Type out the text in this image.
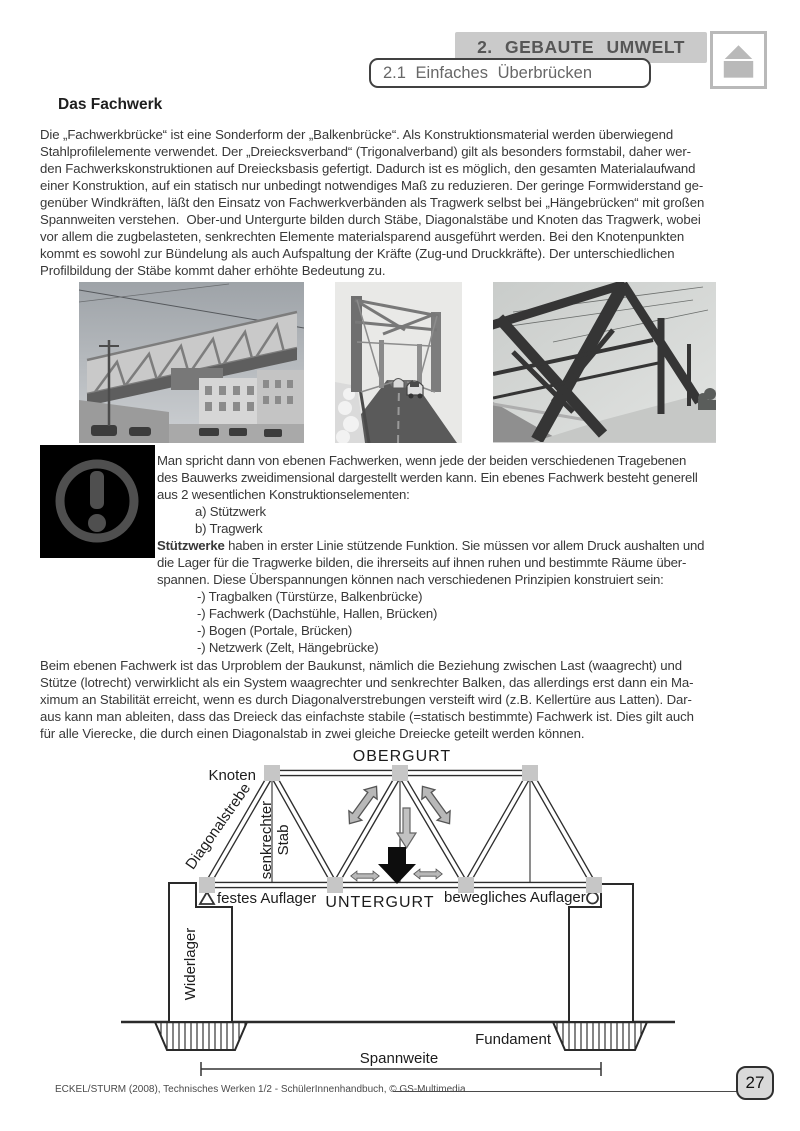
2. GEBAUTE UMWELT
2.1 Einfaches Überbrücken
Das Fachwerk
Die „Fachwerkbrücke“ ist eine Sonderform der „Balkenbrücke“. Als Konstruktionsmaterial werden überwiegend
Stahlprofilelemente verwendet. Der „Dreiecksverband“ (Trigonalverband) gilt als besonders formstabil, daher wer-
den Fachwerkskonstruktionen auf Dreiecksbasis gefertigt. Dadurch ist es möglich, den gesamten Materialaufwand
einer Konstruktion, auf ein statisch nur unbedingt notwendiges Maß zu reduzieren. Der geringe Formwiderstand ge-
genüber Windkräften, läßt den Einsatz von Fachwerkverbänden als Tragwerk selbst bei „Hängebrücken“ mit großen
Spannweiten verstehen.  Ober-und Untergurte bilden durch Stäbe, Diagonalstäbe und Knoten das Tragwerk, wobei
vor allem die zugbelasteten, senkrechten Elemente materialsparend ausgeführt werden. Bei den Knotenpunkten
kommt es sowohl zur Bündelung als auch Aufspaltung der Kräfte (Zug-und Druckkräfte). Der unterschiedlichen
Profilbildung der Stäbe kommt daher erhöhte Bedeutung zu.
Man spricht dann von ebenen Fachwerken, wenn jede der beiden verschiedenen Tragebenen
des Bauwerks zweidimensional dargestellt werden kann. Ein ebenes Fachwerk besteht generell
aus 2 wesentlichen Konstruktionselementen:
a) Stützwerk
b) Tragwerk
Stützwerke haben in erster Linie stützende Funktion. Sie müssen vor allem Druck aushalten und
die Lager für die Tragwerke bilden, die ihrerseits auf ihnen ruhen und bestimmte Räume über-
spannen. Diese Überspannungen können nach verschiedenen Prinzipien konstruiert sein:
-) Tragbalken (Türstürze, Balkenbrücke)
-) Fachwerk (Dachstühle, Hallen, Brücken)
-) Bogen (Portale, Brücken)
-) Netzwerk (Zelt, Hängebrücke)
Beim ebenen Fachwerk ist das Urproblem der Baukunst, nämlich die Beziehung zwischen Last (waagrecht) und
Stütze (lotrecht) verwirklicht als ein System waagrechter und senkrechter Balken, das allerdings erst dann ein Ma-
ximum an Stabilität erreicht, wenn es durch Diagonalverstrebungen versteift wird (z.B. Kellertüre aus Latten). Dar-
aus kann man ableiten, dass das Dreieck das einfachste stabile (=statisch bestimmte) Fachwerk ist. Dies gilt auch
für alle Vierecke, die durch einen Diagonalstab in zwei gleiche Dreiecke geteilt werden können.
OBERGURT
Knoten
Diagonalstrebe senkrechter Stab
festes Auflager UNTERGURT bewegliches Auflager
Widerlager
Fundament
Spannweite
ECKEL/STURM (2008), Technisches Werken 1/2 - SchülerInnenhandbuch, © GS-Multimedia	27
